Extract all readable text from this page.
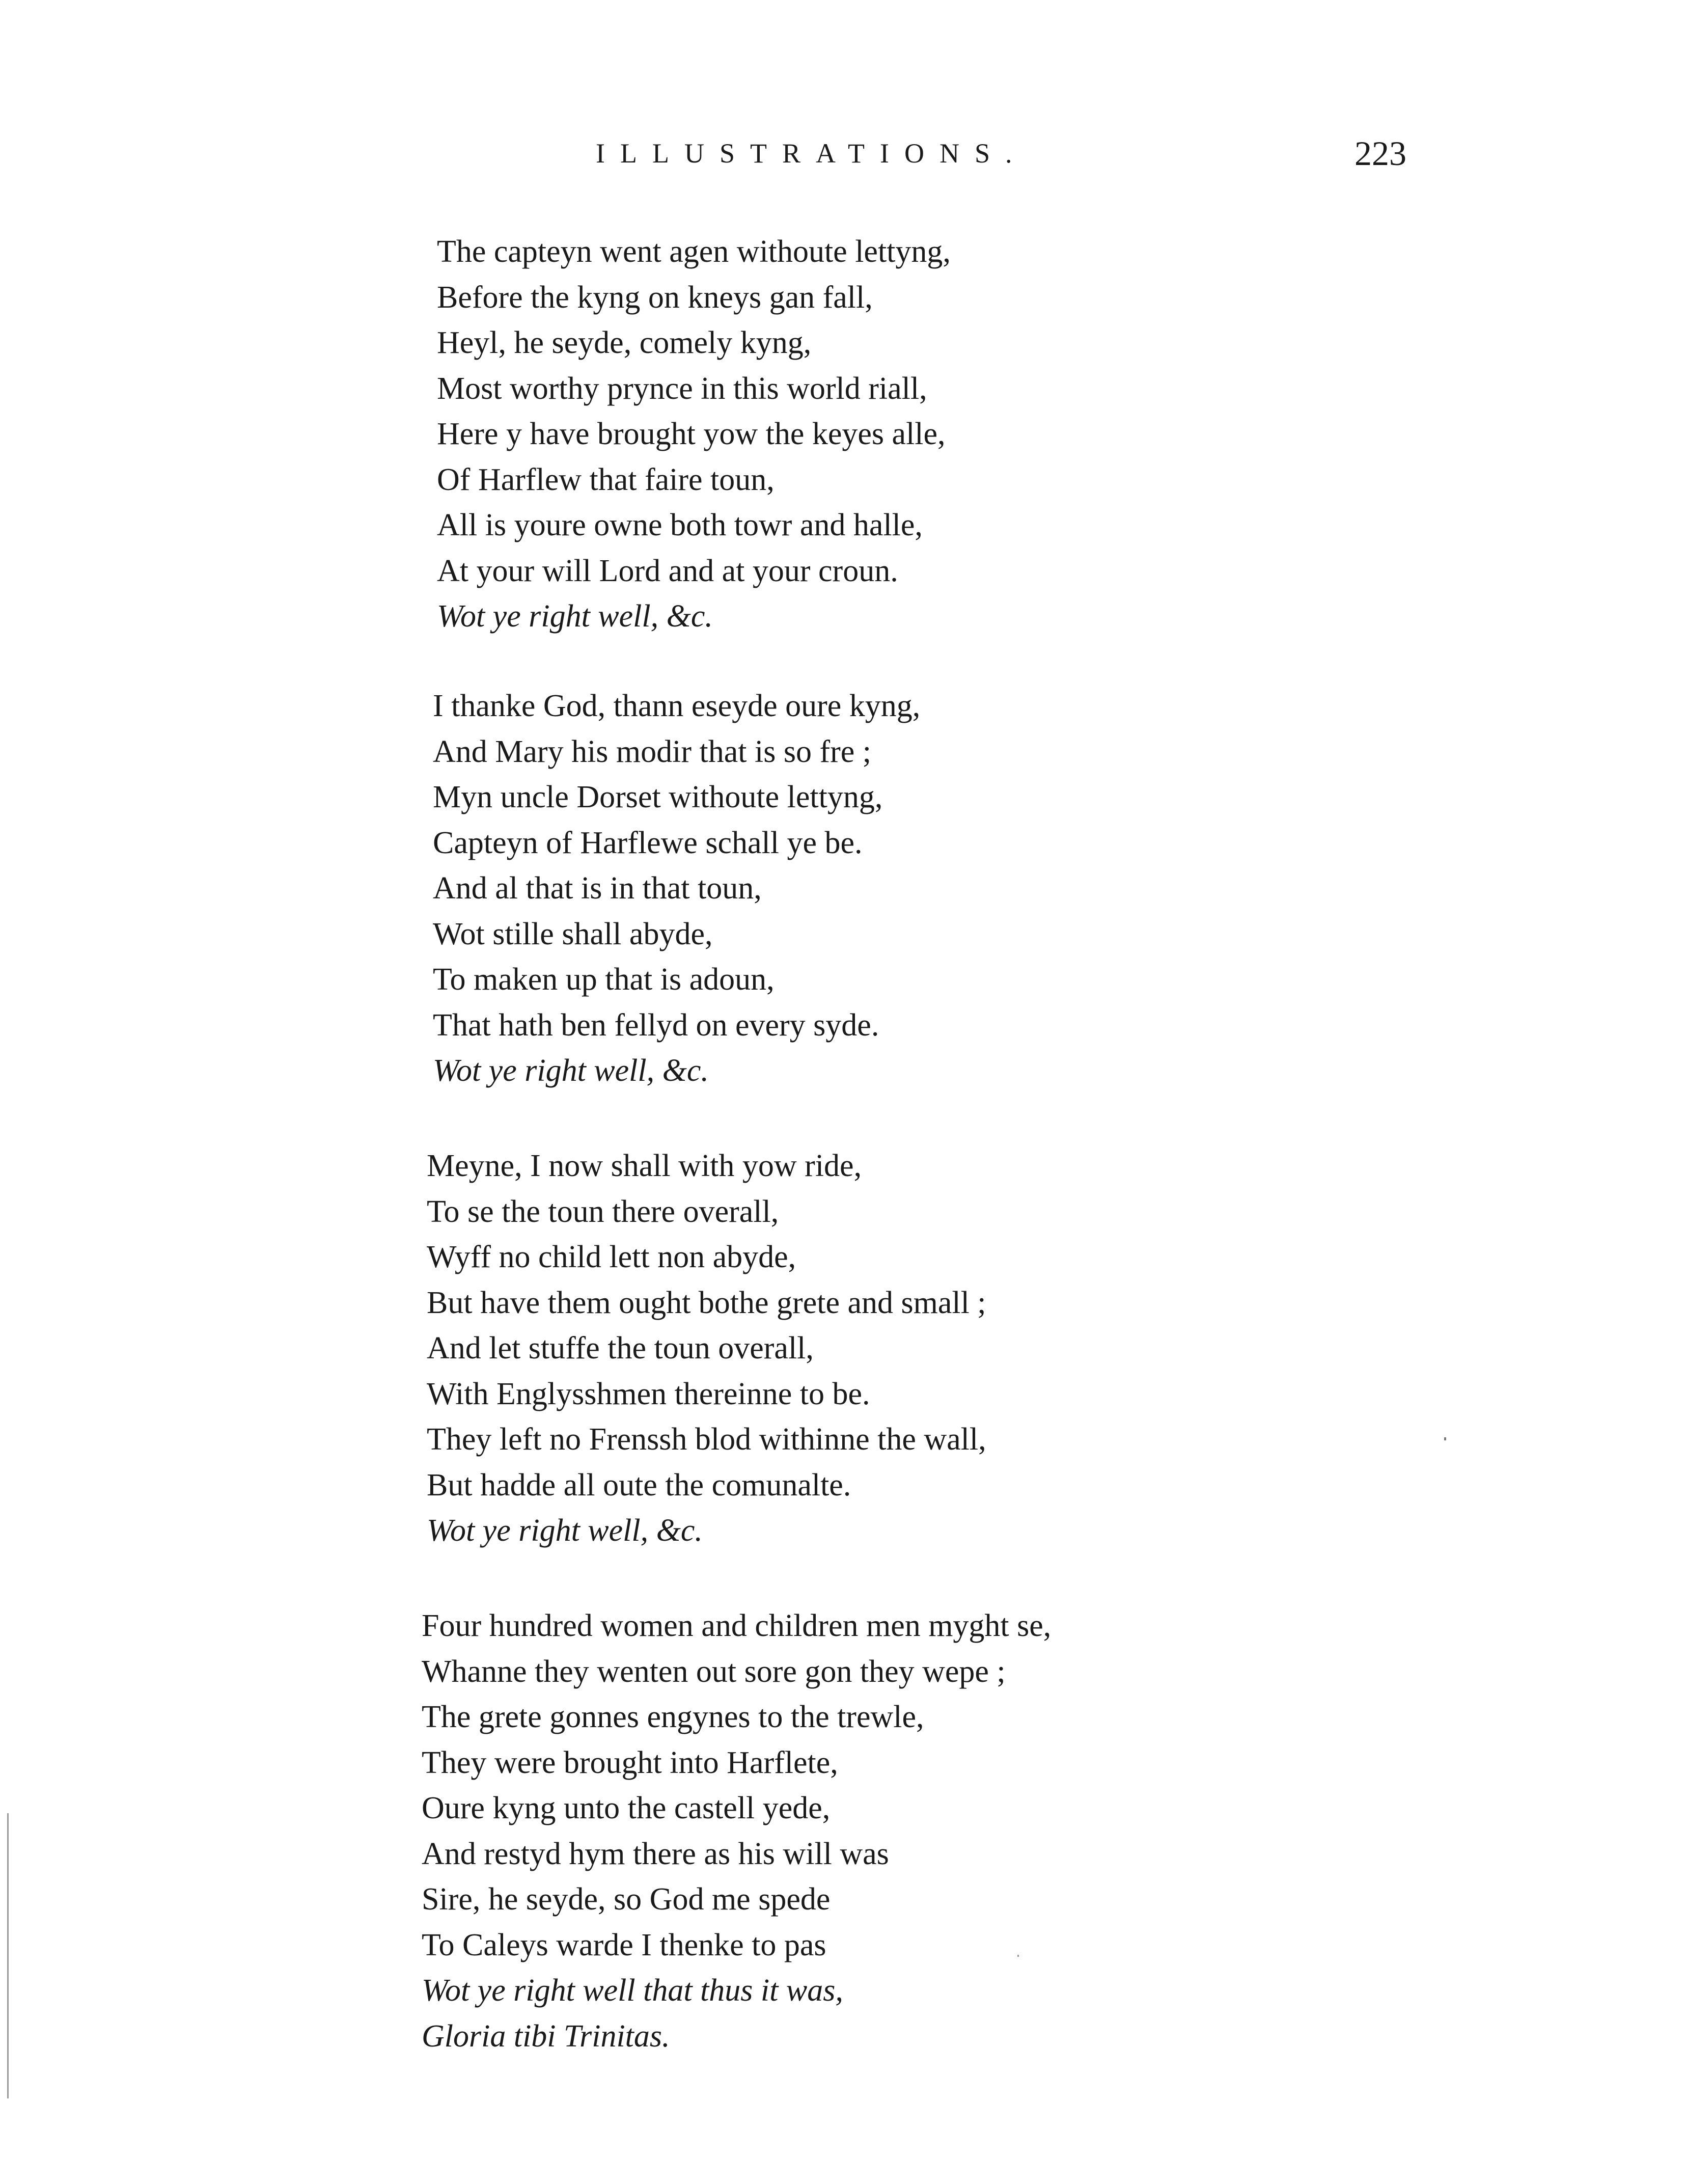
ILLUSTRATIONS.	223
The capteyn went agen withoute lettyng,
Before the kyng on kneys gan fall,
Heyl, he seyde, comely kyng,
Most worthy prynce in this world riall,
Here y have brought yow the keyes alle,
Of Harflew that faire toun,
All is youre owne both towr and halle,
At your will Lord and at your croun.
Wot ye right well, &c.
I thanke God, thann eseyde oure kyng,
And Mary his modir that is so fre ;
Myn uncle Dorset withoute lettyng,
Capteyn of Harflewe schall ye be.
And al that is in that toun,
Wot stille shall abyde,
To maken up that is adoun,
That hath ben fellyd on every syde.
Wot ye right well, &c.
Meyne, I now shall with yow ride,
To se the toun there overall,
Wyff no child lett non abyde,
But have them ought bothe grete and small ;
And let stuffe the toun overall,
With Englysshmen thereinne to be.
They left no Frenssh blod withinne the wall,
But hadde all oute the comunalte.
Wot ye right well, &c.
Four hundred women and children men myght se,
Whanne they wenten out sore gon they wepe ;
The grete gonnes engynes to the trewle,
They were brought into Harflete,
Oure kyng unto the castell yede,
And restyd hym there as his will was
Sire, he seyde, so God me spede
To Caleys warde I thenke to pas
Wot ye right well that thus it was,
Gloria tibi Trinitas.
